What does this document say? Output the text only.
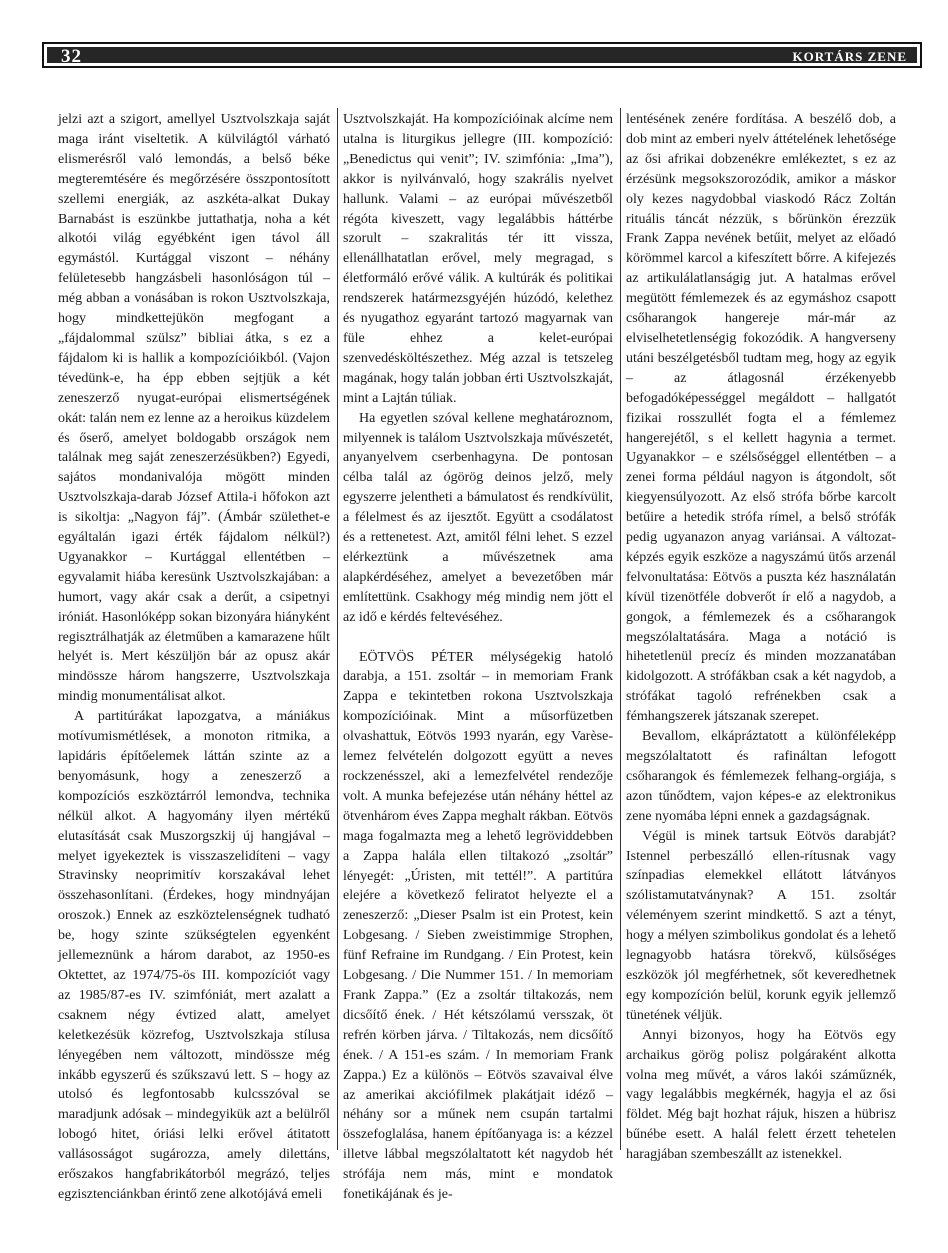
32	KORTÁRS ZENE

jelzi azt a szigort, amellyel Usztvolszkaja saját maga iránt viseltetik. A külvilágtól várható elismerésről való lemondás, a belső béke megteremtésére és megőrzésére összpontosított szellemi energiák, az aszkéta-alkat Dukay Barnabást is eszünkbe juttathatja, noha a két alkotói világ egyébként igen távol áll egymástól. Kurtággal viszont – néhány felületesebb hangzásbeli hasonlóságon túl – még abban a vonásában is rokon Usztvolszkaja, hogy mindkettejükön megfogant a „fájdalommal szülsz” bibliai átka, s ez a fájdalom ki is hallik a kompozícióikból. (Vajon tévedünk-e, ha épp ebben sejtjük a két zeneszerző nyugat-európai elismertségének okát: talán nem ez lenne az a heroikus küzdelem és őserő, amelyet boldogabb országok nem találnak meg saját zeneszerzésükben?) Egyedi, sajátos mondanivalója mögött minden Usztvolszkaja-darab József Attila-i hőfokon azt is sikoltja: „Nagyon fáj”. (Ámbár születhet-e egyáltalán igazi érték fájdalom nélkül?) Ugyanakkor – Kurtággal ellentétben – egyvalamit hiába keresünk Usztvolszkajában: a humort, vagy akár csak a derűt, a csipetnyi iróniát. Hasonlóképp sokan bizonyára hiányként regisztrálhatják az életműben a kamarazene hűlt helyét is. Mert készüljön bár az opusz akár mindössze három hangszerre, Usztvolszkaja mindig monumentálisat alkot.

A partitúrákat lapozgatva, a mániákus motívumismétlések, a monoton ritmika, a lapidáris építőelemek láttán szinte az a benyomásunk, hogy a zeneszerző a kompozíciós eszköztárról lemondva, technika nélkül alkot. A hagyomány ilyen mértékű elutasítását csak Muszorgszkij új hangjával – melyet igyekeztek is visszaszelidíteni – vagy Stravinsky neoprimitív korszakával lehet összehasonlítani. (Érdekes, hogy mindnyájan oroszok.) Ennek az eszköztelenségnek tudható be, hogy szinte szükségtelen egyenként jellemeznünk a három darabot, az 1950-es Oktettet, az 1974/75-ös III. kompozíciót vagy az 1985/87-es IV. szimfóniát, mert azalatt a csaknem négy évtized alatt, amelyet keletkezésük közrefog, Usztvolszkaja stílusa lényegében nem változott, mindössze még inkább egyszerű és szűkszavú lett. S – hogy az utolsó és legfontosabb kulcsszóval se maradjunk adósak – mindegyikük azt a belülről lobogó hitet, óriási lelki erővel átitatott vallásosságot sugározza, amely dilettáns, erőszakos hangfabrikátorból megrázó, teljes egzisztenciánkban érintő zene alkotójává emeli

Usztvolszkaját. Ha kompozícióinak alcíme nem utalna is liturgikus jellegre (III. kompozíció: „Benedictus qui venit”; IV. szimfónia: „Ima”), akkor is nyilvánvaló, hogy szakrális nyelvet hallunk. Valami – az európai művészetből régóta kiveszett, vagy legalábbis háttérbe szorult – szakralitás tér itt vissza, ellenállhatatlan erővel, mely megragad, s életformáló erővé válik. A kultúrák és politikai rendszerek határmezsgyéjén húzódó, kelethez és nyugathoz egyaránt tartozó magyarnak van füle ehhez a kelet-európai szenvedésköltészethez. Még azzal is tetszeleg magának, hogy talán jobban érti Usztvolszkaját, mint a Lajtán túliak.

Ha egyetlen szóval kellene meghatároznom, milyennek is találom Usztvolszkaja művészetét, anyanyelvem cserbenhagyna. De pontosan célba talál az ógörög deinos jelző, mely egyszerre jelentheti a bámulatost és rendkívülit, a félelmest és az ijesztőt. Együtt a csodálatost és a rettenetest. Azt, amitől félni lehet. S ezzel elérkeztünk a művészetnek ama alapkérdéséhez, amelyet a bevezetőben már említettünk. Csakhogy még mindig nem jött el az idő e kérdés feltevéséhez.

EÖTVÖS PÉTER mélységekig hatoló darabja, a 151. zsoltár – in memoriam Frank Zappa e tekintetben rokona Usztvolszkaja kompozícióinak. Mint a műsorfüzetben olvashattuk, Eötvös 1993 nyarán, egy Varèse-lemez felvételén dolgozott együtt a neves rockzenésszel, aki a lemezfelvétel rendezője volt. A munka befejezése után néhány héttel az ötvenhárom éves Zappa meghalt rákban. Eötvös maga fogalmazta meg a lehető legröviddebben a Zappa halála ellen tiltakozó „zsoltár” lényegét: „Úristen, mit tettél!”. A partitúra elejére a következő feliratot helyezte el a zeneszerző: „Dieser Psalm ist ein Protest, kein Lobgesang. / Sieben zweistimmige Strophen, fünf Refraine im Rundgang. / Ein Protest, kein Lobgesang. / Die Nummer 151. / In memoriam Frank Zappa.” (Ez a zsoltár tiltakozás, nem dicsőítő ének. / Hét kétszólamú versszak, öt refrén körben járva. / Tiltakozás, nem dicsőítő ének. / A 151-es szám. / In memoriam Frank Zappa.) Ez a különös – Eötvös szavaival élve az amerikai akciófilmek plakátjait idéző – néhány sor a műnek nem csupán tartalmi összefoglalása, hanem építőanyaga is: a kézzel illetve lábbal megszólaltatott két nagydob hét strófája nem más, mint e mondatok fonetikájának és je-

lentésének zenére fordítása. A beszélő dob, a dob mint az emberi nyelv áttételének lehetősége az ősi afrikai dobzenékre emlékeztet, s ez az érzésünk megsokszorozódik, amikor a máskor oly kezes nagydobbal viaskodó Rácz Zoltán rituális táncát nézzük, s bőrünkön érezzük Frank Zappa nevének betűit, melyet az előadó körömmel karcol a kifeszített bőrre. A kifejezés az artikulálatlanságig jut. A hatalmas erővel megütött fémlemezek és az egymáshoz csapott csőharangok hangereje már-már az elviselhetetlenségig fokozódik. A hangverseny utáni beszélgetésből tudtam meg, hogy az egyik – az átlagosnál érzékenyebb befogadóképességgel megáldott – hallgatót fizikai rosszullét fogta el a fémlemez hangerejétől, s el kellett hagynia a termet. Ugyanakkor – e szélsőséggel ellentétben – a zenei forma például nagyon is átgondolt, sőt kiegyensúlyozott. Az első strófa bőrbe karcolt betűire a hetedik strófa rímel, a belső strófák pedig ugyanazon anyag variánsai. A változat-képzés egyik eszköze a nagyszámú ütős arzenál felvonultatása: Eötvös a puszta kéz használatán kívül tizenötféle dobverőt ír elő a nagydob, a gongok, a fémlemezek és a csőharangok megszólaltatására. Maga a notáció is hihetetlenül precíz és minden mozzanatában kidolgozott. A strófákban csak a két nagydob, a strófákat tagoló refrénekben csak a fémhangszerek játszanak szerepet.

Bevallom, elkápráztatott a különféleképp megszólaltatott és rafináltan lefogott csőharangok és fémlemezek felhang-orgiája, s azon tűnődtem, vajon képes-e az elektronikus zene nyomába lépni ennek a gazdagságnak.

Végül is minek tartsuk Eötvös darabját? Istennel perbeszálló ellen-rítusnak vagy színpadias elemekkel ellátott látványos szólistamutatványnak? A 151. zsoltár véleményem szerint mindkettő. S azt a tényt, hogy a mélyen szimbolikus gondolat és a lehető legnagyobb hatásra törekvő, külsőséges eszközök jól megférhetnek, sőt keveredhetnek egy kompozíción belül, korunk egyik jellemző tünetének véljük.

Annyi bizonyos, hogy ha Eötvös egy archaikus görög polisz polgáraként alkotta volna meg művét, a város lakói száműznék, vagy legalábbis megkérnék, hagyja el az ősi földet. Még bajt hozhat rájuk, hiszen a hübrisz bűnébe esett. A halál felett érzett tehetelen haragjában szembeszállt az istenekkel.
